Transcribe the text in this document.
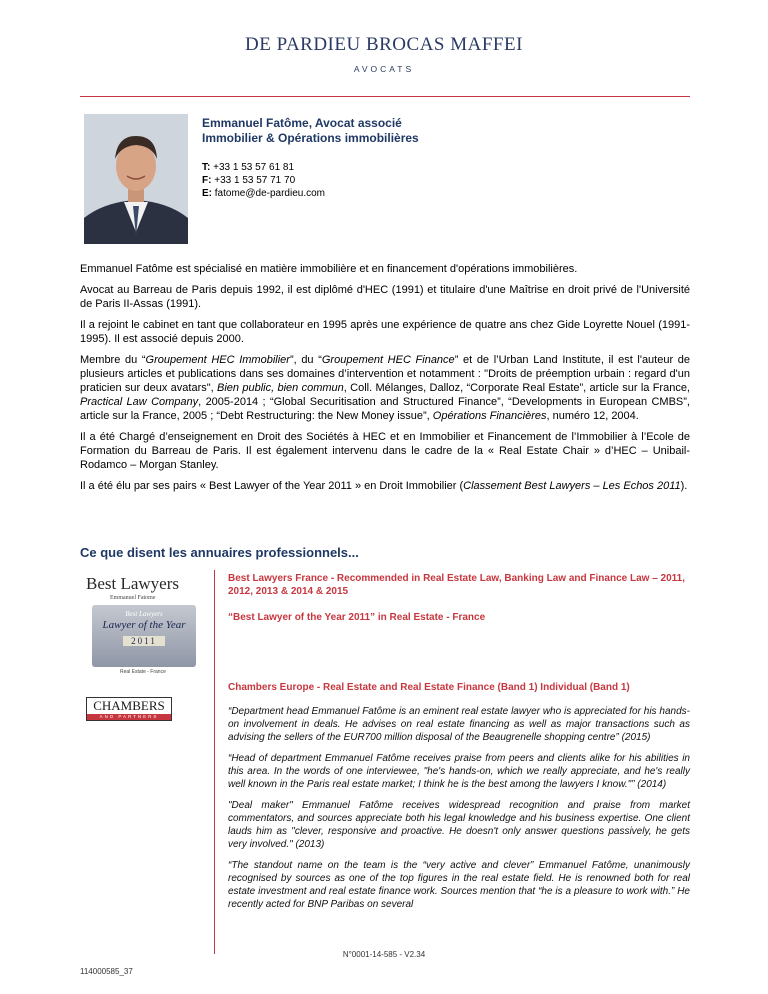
DE PARDIEU BROCAS MAFFEI
AVOCATS
Emmanuel Fatôme, Avocat associé
Immobilier & Opérations immobilières
T: +33 1 53 57 61 81
F: +33 1 53 57 71 70
E: fatome@de-pardieu.com

Emmanuel Fatôme est spécialisé en matière immobilière et en financement d'opérations immobilières.

Avocat au Barreau de Paris depuis 1992, il est diplômé d'HEC (1991) et titulaire d'une Maîtrise en droit privé de l'Université de Paris II-Assas (1991).

Il a rejoint le cabinet en tant que collaborateur en 1995 après une expérience de quatre ans chez Gide Loyrette Nouel (1991-1995). Il est associé depuis 2000.

Membre du “Groupement HEC Immobilier”, du “Groupement HEC Finance” et de l’Urban Land Institute, il est l'auteur de plusieurs articles et publications dans ses domaines d’intervention et notamment : "Droits de préemption urbain : regard d'un praticien sur deux avatars", Bien public, bien commun, Coll. Mélanges, Dalloz, “Corporate Real Estate”, article sur la France, Practical Law Company, 2005-2014 ; “Global Securitisation and Structured Finance”, “Developments in European CMBS”, article sur la France, 2005 ; “Debt Restructuring: the New Money issue”, Opérations Financières, numéro 12, 2004.

Il a été Chargé d’enseignement en Droit des Sociétés à HEC et en Immobilier et Financement de l’Immobilier à l’Ecole de Formation du Barreau de Paris. Il est également intervenu dans le cadre de la « Real Estate Chair » d’HEC – Unibail-Rodamco – Morgan Stanley.

Il a été élu par ses pairs « Best Lawyer of the Year 2011 » en Droit Immobilier (Classement Best Lawyers – Les Echos 2011).

Ce que disent les annuaires professionnels...
Best Lawyers
Emmanuel Fatome
Best Lawyers
Lawyer of the Year
2011
Real Estate - France
CHAMBERS
AND PARTNERS
Best Lawyers France - Recommended in Real Estate Law, Banking Law and Finance Law – 2011, 2012, 2013 & 2014 & 2015
“Best Lawyer of the Year 2011” in Real Estate - France
Chambers Europe - Real Estate and Real Estate Finance (Band 1) Individual (Band 1)
“Department head Emmanuel Fatôme is an eminent real estate lawyer who is appreciated for his hands-on involvement in deals. He advises on real estate financing as well as major transactions such as advising the sellers of the EUR700 million disposal of the Beaugrenelle shopping centre” (2015)
“Head of department Emmanuel Fatôme receives praise from peers and clients alike for his abilities in this area. In the words of one interviewee, "he's hands-on, which we really appreciate, and he's really well known in the Paris real estate market; I think he is the best among the lawyers I know."” (2014)
"Deal maker" Emmanuel Fatôme receives widespread recognition and praise from market commentators, and sources appreciate both his legal knowledge and his business expertise. One client lauds him as "clever, responsive and proactive. He doesn't only answer questions passively, he gets very involved." (2013)
“The standout name on the team is the “very active and clever” Emmanuel Fatôme, unanimously recognised by sources as one of the top figures in the real estate field. He is renowned both for real estate investment and real estate finance work. Sources mention that “he is a pleasure to work with.” He recently acted for BNP Paribas on several
N°0001-14-585 - V2.34
114000585_37
